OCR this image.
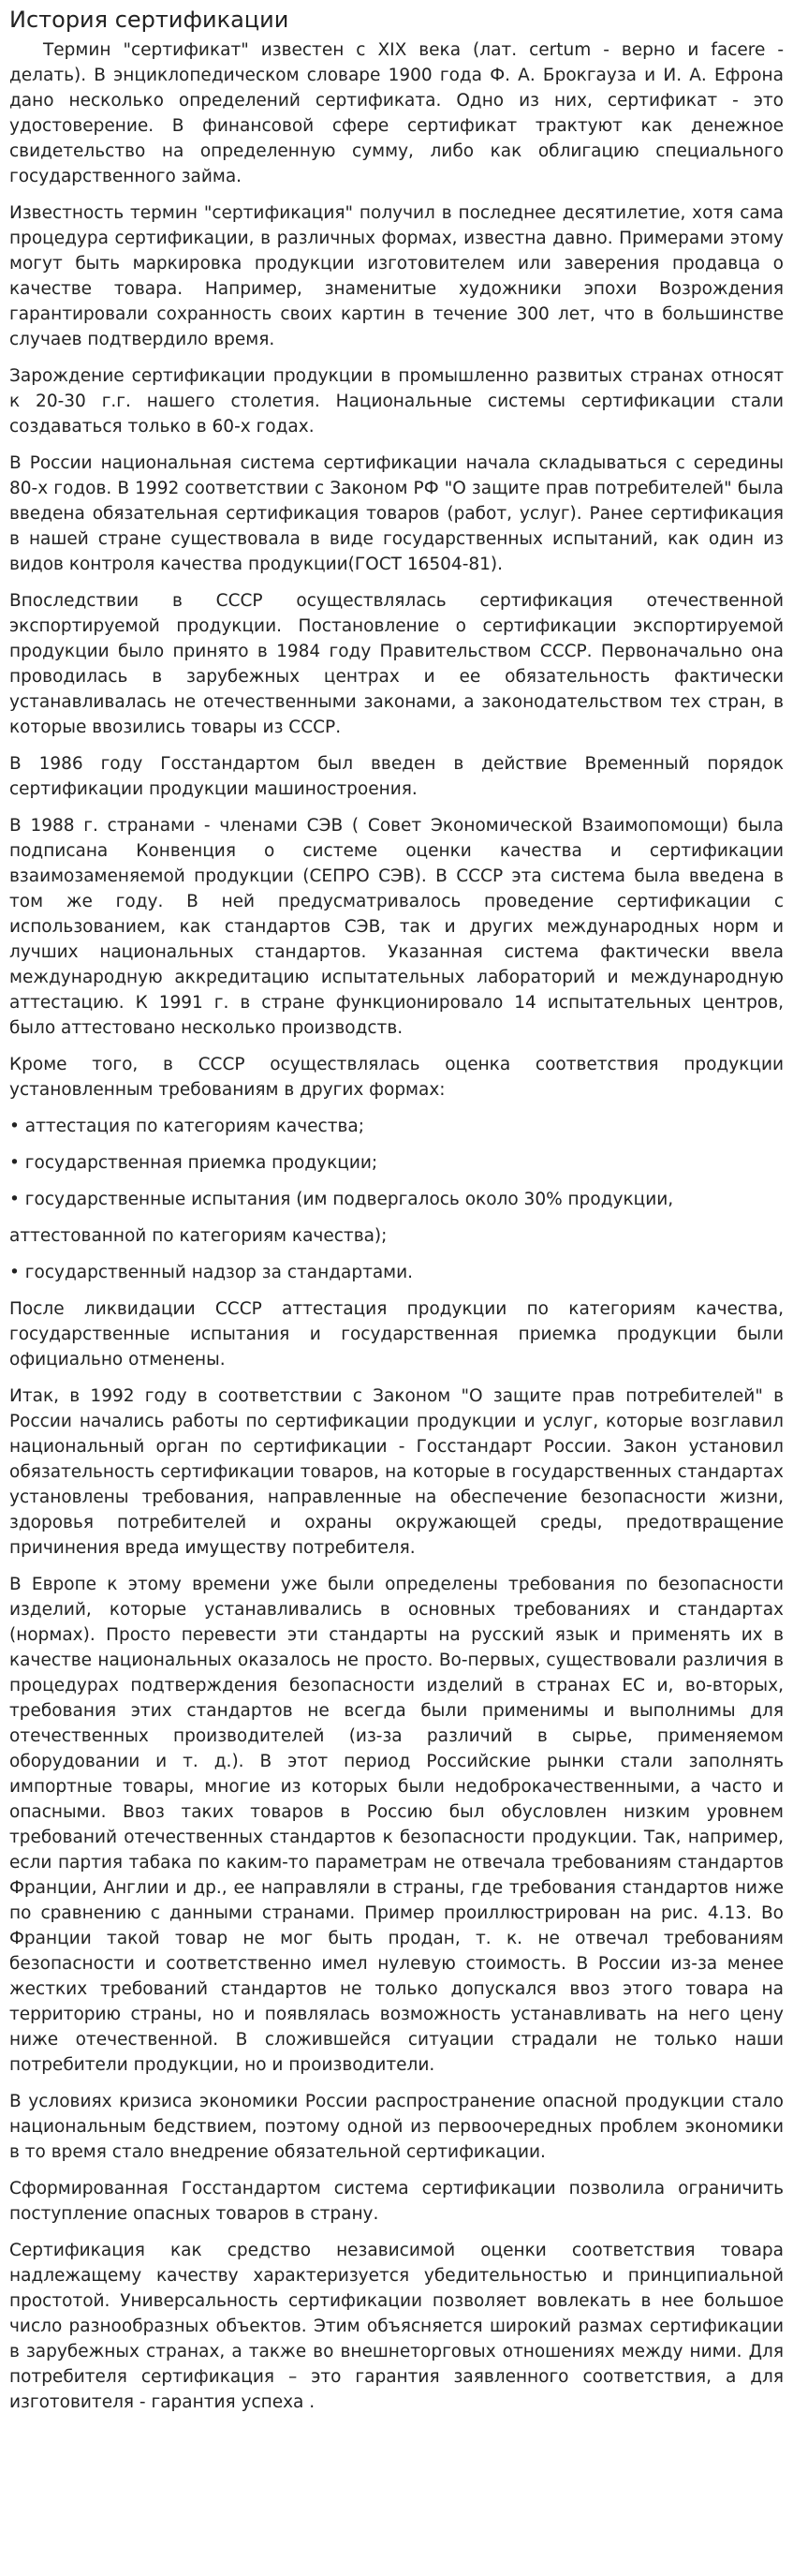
История сертификации

Термин "сертификат" известен с XIX века (лат. certum - верно и facere - делать). В энциклопедическом словаре 1900 года Ф. А. Брокгауза и И. А. Ефрона дано несколько определений сертификата. Одно из них, сертификат - это удостоверение. В финансовой сфере сертификат трактуют как денежное свидетельство на определенную сумму, либо как облигацию специального государственного займа.

Известность термин "сертификация" получил в последнее десятилетие, хотя сама процедура сертификации, в различных формах, известна давно. Примерами этому могут быть маркировка продукции изготовителем или заверения продавца о качестве товара. Например, знаменитые художники эпохи Возрождения гарантировали сохранность своих картин в течение 300 лет, что в большинстве случаев подтвердило время.

Зарождение сертификации продукции в промышленно развитых странах относят к 20-30 г.г. нашего столетия. Национальные системы сертификации стали создаваться только в 60-х годах.

В России национальная система сертификации начала складываться с середины 80-х годов. В 1992 соответствии с Законом РФ "О защите прав потребителей" была введена обязательная сертификация товаров (работ, услуг). Ранее сертификация в нашей стране существовала в виде государственных испытаний, как один из видов контроля качества продукции(ГОСТ 16504-81).

Впоследствии в СССР осуществлялась сертификация отечественной экспортируемой продукции. Постановление о сертификации экспортируемой продукции было принято в 1984 году Правительством СССР. Первоначально она проводилась в зарубежных центрах и ее обязательность фактически устанавливалась не отечественными законами, а законодательством тех стран, в которые ввозились товары из СССР.

В 1986 году Госстандартом был введен в действие Временный порядок сертификации продукции машиностроения.

В 1988 г. странами - членами СЭВ ( Совет Экономической Взаимопомощи) была подписана Конвенция о системе оценки качества и сертификации взаимозаменяемой продукции (СЕПРО СЭВ). В СССР эта система была введена в том же году. В ней предусматривалось проведение сертификации с использованием, как стандартов СЭВ, так и других международных норм и лучших национальных стандартов. Указанная система фактически ввела международную аккредитацию испытательных лабораторий и международную аттестацию. К 1991 г. в стране функционировало 14 испытательных центров, было аттестовано несколько производств.

Кроме того, в СССР осуществлялась оценка соответствия продукции установленным требованиям в других формах:

• аттестация по категориям качества;

• государственная приемка продукции;

• государственные испытания (им подвергалось около 30% продукции,

аттестованной по категориям качества);

• государственный надзор за стандартами.

После ликвидации СССР аттестация продукции по категориям качества, государственные испытания и государственная приемка продукции были официально отменены.

Итак, в 1992 году в соответствии с Законом "О защите прав потребителей" в России начались работы по сертификации продукции и услуг, которые возглавил национальный орган по сертификации - Госстандарт России. Закон установил обязательность сертификации товаров, на которые в государственных стандартах установлены требования, направленные на обеспечение безопасности жизни, здоровья потребителей и охраны окружающей среды, предотвращение причинения вреда имуществу потребителя.

В Европе к этому времени уже были определены требования по безопасности изделий, которые устанавливались в основных требованиях и стандартах (нормах). Просто перевести эти стандарты на русский язык и применять их в качестве национальных оказалось не просто. Во-первых, существовали различия в процедурах подтверждения безопасности изделий в странах ЕС и, во-вторых, требования этих стандартов не всегда были применимы и выполнимы для отечественных производителей (из-за различий в сырье, применяемом оборудовании и т. д.). В этот период Российские рынки стали заполнять импортные товары, многие из которых были недоброкачественными, а часто и опасными. Ввоз таких товаров в Россию был обусловлен низким уровнем требований отечественных стандартов к безопасности продукции. Так, например, если партия табака по каким-то параметрам не отвечала требованиям стандартов Франции, Англии и др., ее направляли в страны, где требования стандартов ниже по сравнению с данными странами. Пример проиллюстрирован на рис. 4.13. Во Франции такой товар не мог быть продан, т. к. не отвечал требованиям безопасности и соответственно имел нулевую стоимость. В России из-за менее жестких требований стандартов не только допускался ввоз этого товара на территорию страны, но и появлялась возможность устанавливать на него цену ниже отечественной. В сложившейся ситуации страдали не только наши потребители продукции, но и производители.

В условиях кризиса экономики России распространение опасной продукции стало национальным бедствием, поэтому одной из первоочередных проблем экономики в то время стало внедрение обязательной сертификации.

Сформированная Госстандартом система сертификации позволила ограничить поступление опасных товаров в страну.

Сертификация как средство независимой оценки соответствия товара надлежащему качеству характеризуется убедительностью и принципиальной простотой. Универсальность сертификации позволяет вовлекать в нее большое число разнообразных объектов. Этим объясняется широкий размах сертификации в зарубежных странах, а также во внешнеторговых отношениях между ними. Для потребителя сертификация – это гарантия заявленного соответствия, а для изготовителя - гарантия успеха .
